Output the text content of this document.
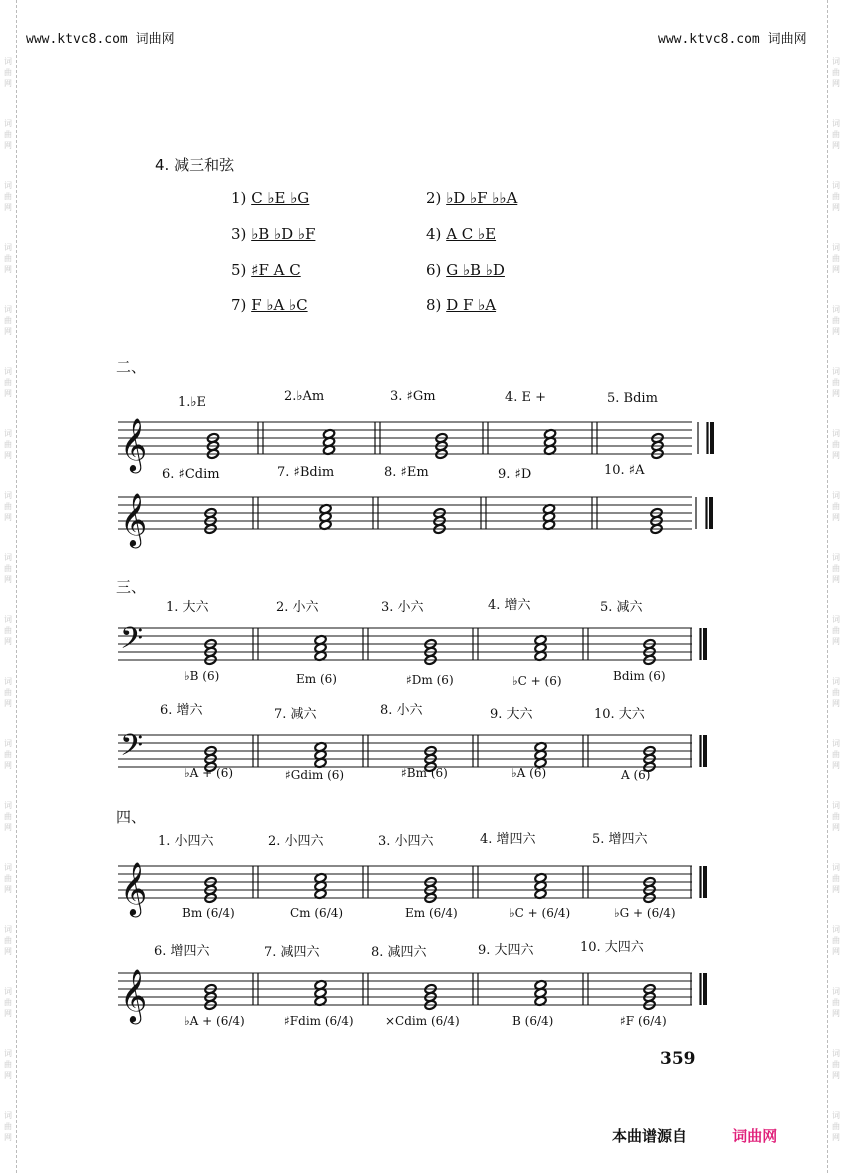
词
曲
网
词
曲
网
词
曲
网
词
曲
网
词
曲
网
词
曲
网
词
曲
网
词
曲
网
词
曲
网
词
曲
网
词
曲
网
词
曲
网
词
曲
网
词
曲
网
词
曲
网
词
曲
网
词
曲
网
词
曲
网
词
曲
网
词
曲
网
词
曲
网
词
曲
网
词
曲
网
词
曲
网
词
曲
网
词
曲
网
词
曲
网
词
曲
网
词
曲
网
词
曲
网
词
曲
网
词
曲
网
词
曲
网
词
曲
网
词
曲
网
词
曲
网
www.ktvc8.com 词曲网	www.ktvc8.com 词曲网
4. 减三和弦
1) C ♭E ♭G	2) ♭D ♭F ♭♭A
3) ♭B ♭D ♭F	4) A C ♭E
5) ♯F A C	6) G ♭B ♭D
7) F ♭A ♭C	8) D F ♭A
二、
1.♭E	2.♭Am	3. ♯Gm	4. E +	5. Bdim
𝄞
6. ♯Cdim	7. ♯Bdim	8. ♯Em	9. ♯D	10. ♯A
𝄞
三、
1. 大六	2. 小六	3. 小六	4. 增六	5. 减六
𝄢
♭B (6)	Em (6)	♯Dm (6)	♭C + (6)	Bdim (6)
6. 增六	7. 减六	8. 小六	9. 大六	10. 大六
𝄢
♭A + (6)	♯Gdim (6)	♯Bm (6)	♭A (6)	A (6)
四、
1. 小四六	2. 小四六	3. 小四六	4. 增四六	5. 增四六
𝄞	Bm (6/4)	Cm (6/4)	Em (6/4)	♭C + (6/4)	♭G + (6/4)
6. 增四六	7. 减四六	8. 减四六	9. 大四六	10. 大四六
𝄞	♭A + (6/4)	♯Fdim (6/4)	×Cdim (6/4)	B (6/4)	♯F (6/4)
359
本曲谱源自	词曲网
